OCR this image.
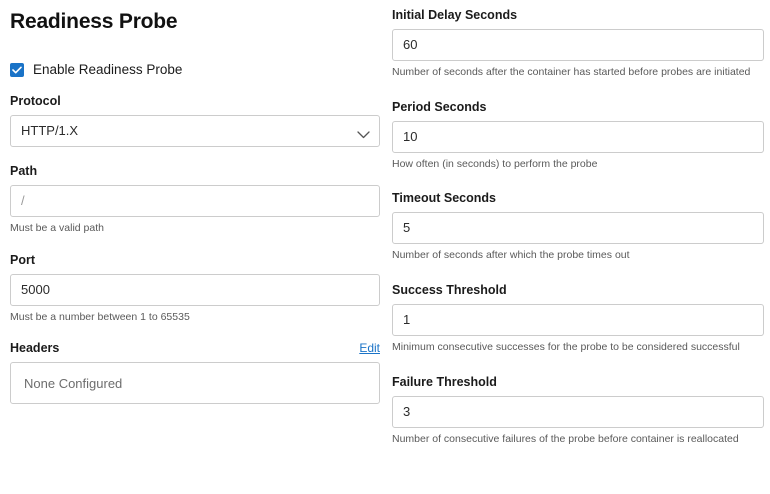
Readiness Probe
Enable Readiness Probe
Protocol
HTTP/1.X
Path
/
Must be a valid path
Port
5000
Must be a number between 1 to 65535
Headers	Edit
None Configured
Initial Delay Seconds
60
Number of seconds after the container has started before probes are initiated
Period Seconds
10
How often (in seconds) to perform the probe
Timeout Seconds
5
Number of seconds after which the probe times out
Success Threshold
1
Minimum consecutive successes for the probe to be considered successful
Failure Threshold
3
Number of consecutive failures of the probe before container is reallocated
